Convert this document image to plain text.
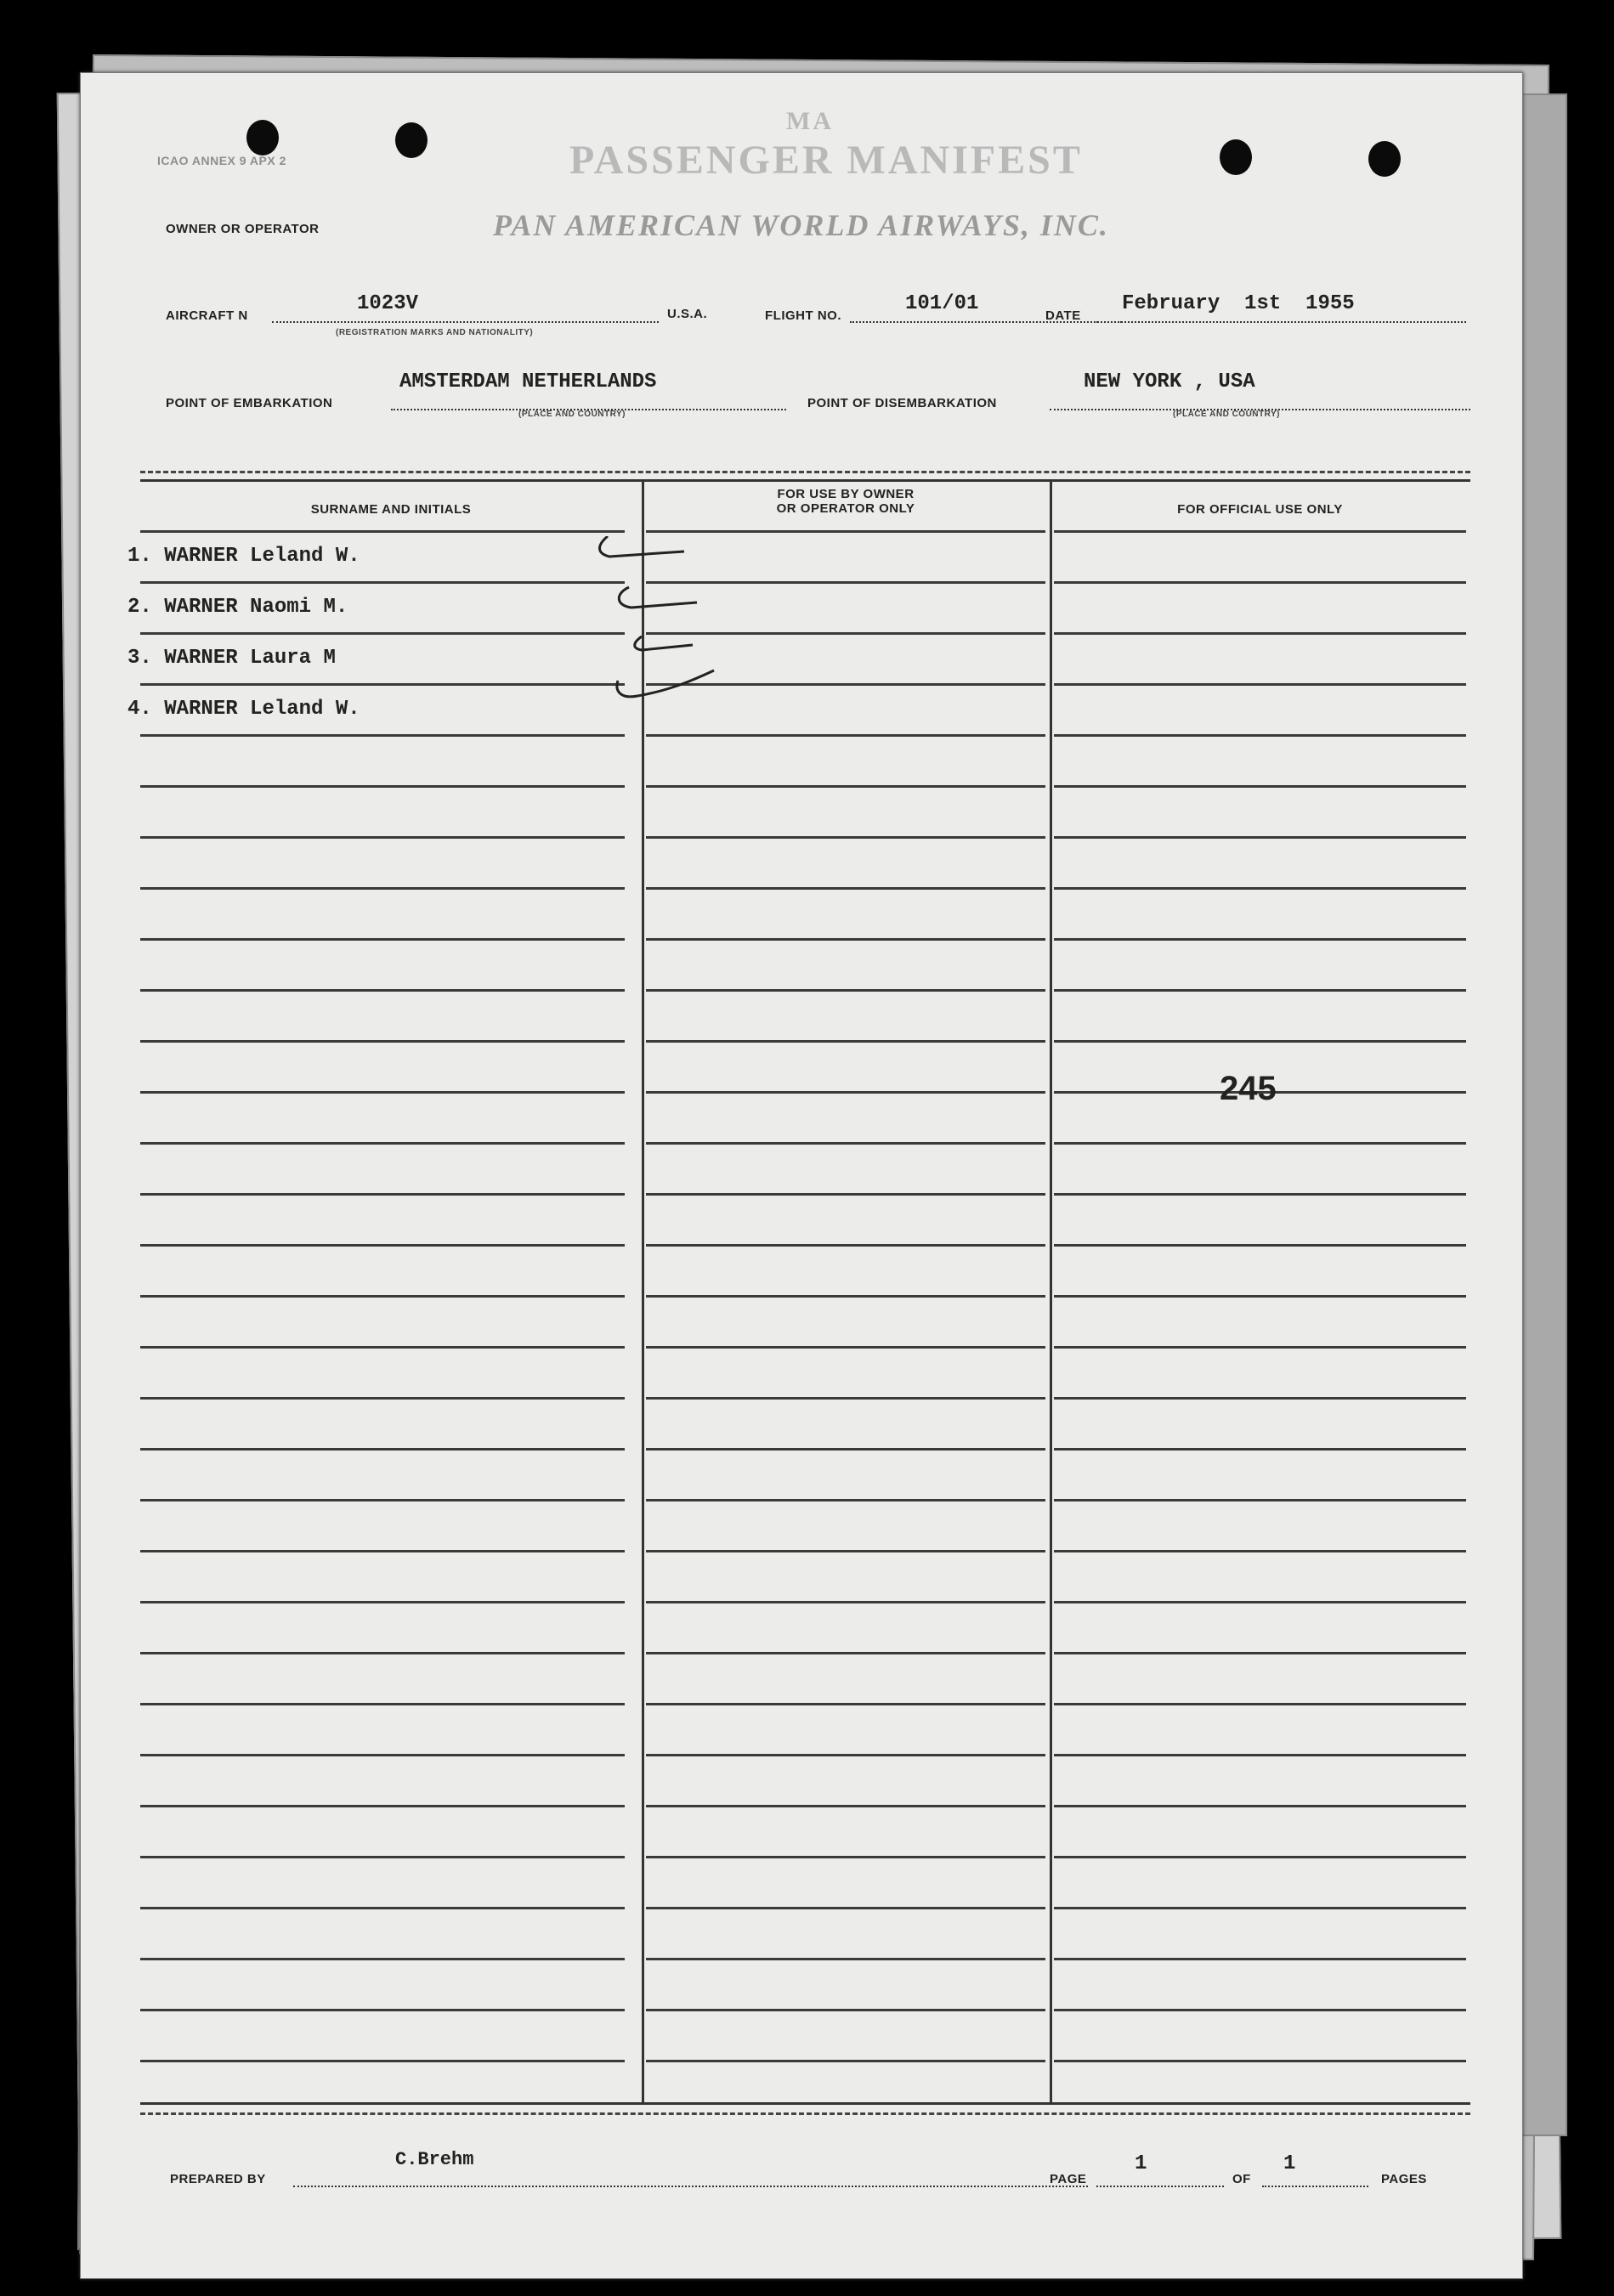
ICAO ANNEX 9 APX 2
MA
PASSENGER MANIFEST
OWNER OR OPERATOR	PAN AMERICAN WORLD AIRWAYS, INC.
AIRCRAFT N
1023V
(REGISTRATION MARKS AND NATIONALITY)
U.S.A.	FLIGHT NO.
101/01
DATE
February  1st  1955
POINT OF EMBARKATION
AMSTERDAM NETHERLANDS
(PLACE AND COUNTRY)
POINT OF DISEMBARKATION
NEW YORK , USA
(PLACE AND COUNTRY)
SURNAME AND INITIALS
FOR USE BY OWNER
OR OPERATOR ONLY	FOR OFFICIAL USE ONLY
1. WARNER Leland W.
2. WARNER Naomi M.
3. WARNER Laura M
4. WARNER Leland W.
245
PREPARED BY
C.Brehm
PAGE
1
OF
1
PAGES
